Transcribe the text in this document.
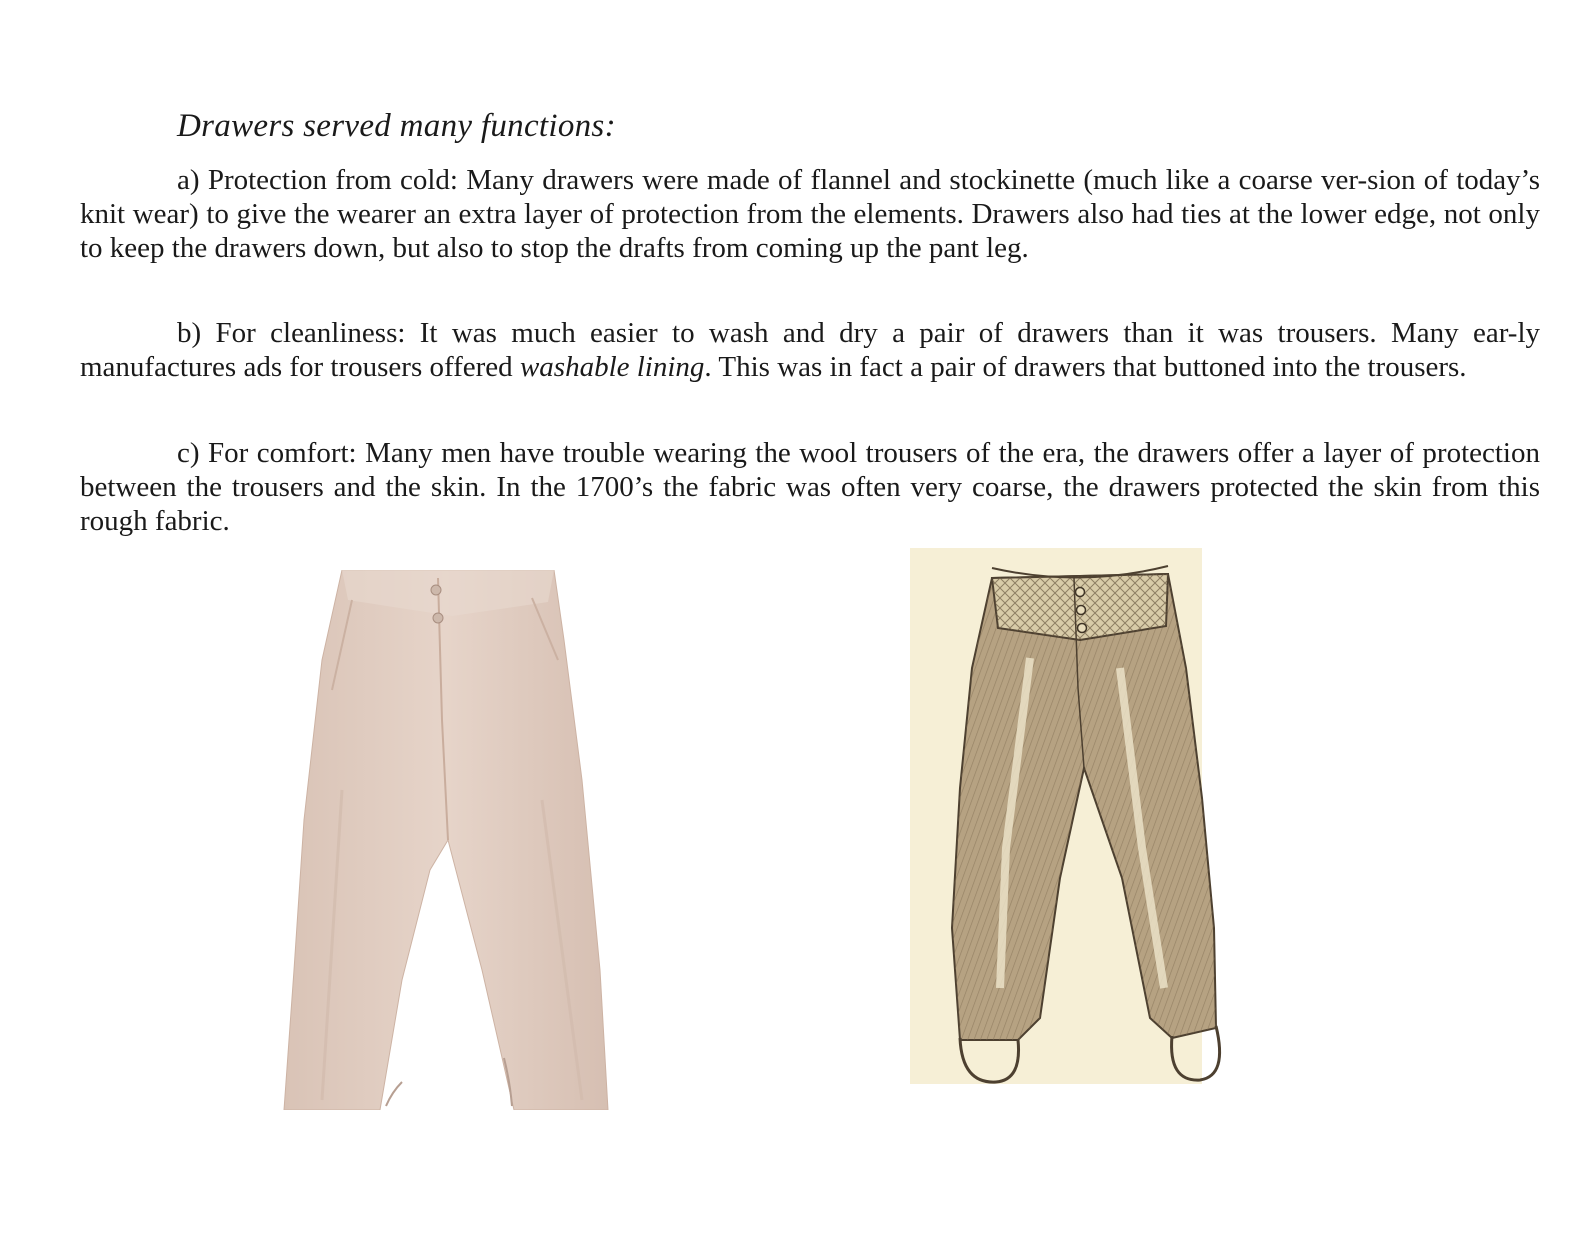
Drawers served many functions:

a) Protection from cold: Many drawers were made of flannel and stockinette (much like a coarse ver-sion of today’s knit wear) to give the wearer an extra layer of protection from the elements. Drawers also had ties at the lower edge, not only to keep the drawers down, but also to stop the drafts from coming up the pant leg.

b) For cleanliness: It was much easier to wash and dry a pair of drawers than it was trousers. Many ear-ly manufactures ads for trousers offered washable lining. This was in fact a pair of drawers that buttoned into the trousers.

c) For comfort: Many men have trouble wearing the wool trousers of the era, the drawers offer a layer of protection between the trousers and the skin. In the 1700’s the fabric was often very coarse, the drawers protected the skin from this rough fabric.
